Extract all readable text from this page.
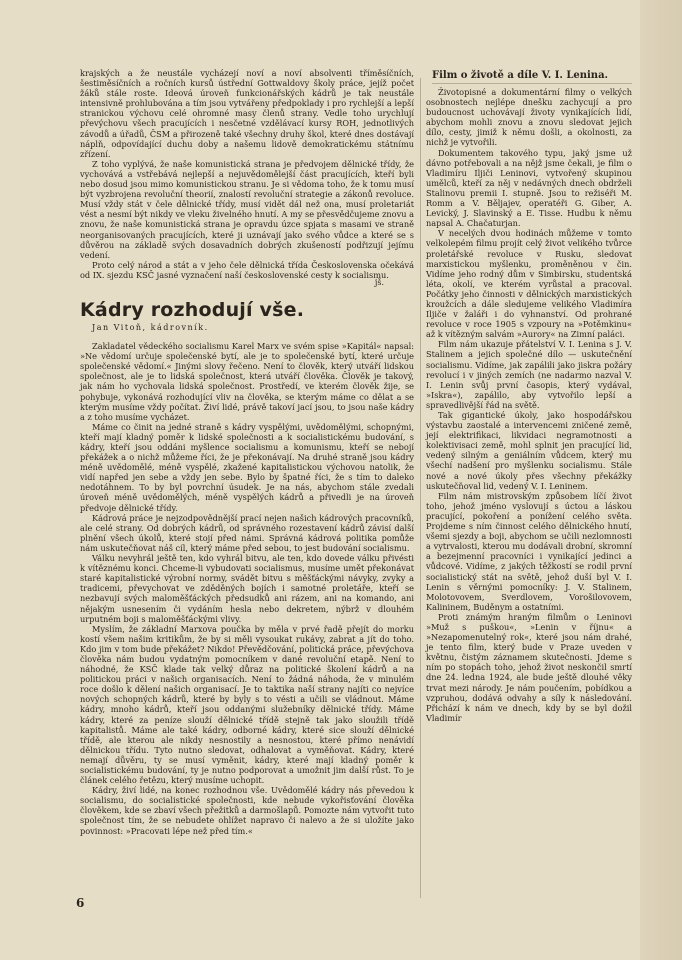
krajských a že neustále vycházejí noví a noví absolventi tříměsíčních, šestiměsíčních a ročních kursů ústřední Gottwaldovy školy práce, jejíž počet žáků stále roste. Ideová úroveň funkcionářských kádrů je tak neustále intensivně prohlubována a tím jsou vytvářeny předpoklady i pro rychlejší a lepší stranickou výchovu celé ohromné masy členů strany. Vedle toho urychlují převýchovu všech pracujících i nesčetné vzdělávací kursy ROH, jednotlivých závodů a úřadů, ČSM a přirozeně také všechny druhy škol, které dnes dostávají náplň, odpovídající duchu doby a našemu lidově demokratickému státnímu zřízení.

Z toho vyplývá, že naše komunistická strana je předvojem dělnické třídy, že vychovává a vstřebává nejlepší a nejuvědomělejší část pracujících, kteří byli nebo dosud jsou mimo komunistickou stranu. Je si vědoma toho, že k tomu musí být vyzbrojena revoluční theorií, znalostí revoluční strategie a zákonů revoluce. Musí vždy stát v čele dělnické třídy, musí vidět dál než ona, musí proletariát vést a nesmí být nikdy ve vleku živelného hnutí. A my se přesvědčujeme znovu a znovu, že naše komunistická strana je opravdu úzce spjata s masami ve straně neorganisovaných pracujících, které ji uznávají jako svého vůdce a které se s důvěrou na základě svých dosavadních dobrých zkušeností podřizují jejímu vedení.

Proto celý národ a stát a v jeho čele dělnická třída Československa očekává od IX. sjezdu KSČ jasné vyznačení naší československé cesty k socialismu.

jš.
Kádry rozhodují vše.

Jan Vitoň, kádrovník.

Zakladatel vědeckého socialismu Karel Marx ve svém spise »Kapitál« napsal: »Ne vědomí určuje společenské bytí, ale je to společenské bytí, které určuje společenské vědomí.« Jinými slovy řečeno. Není to člověk, který utváří lidskou společnost, ale je to lidská společnost, která utváří člověka. Člověk je takový, jak nám ho vychovala lidská společnost. Prostředí, ve kterém člověk žije, se pohybuje, vykonává rozhodující vliv na člověka, se kterým máme co dělat a se kterým musíme vždy počítat. Živí lidé, právě takoví jací jsou, to jsou naše kádry a z toho musíme vycházet.

Máme co činit na jedné straně s kádry vyspělými, uvědomělými, schopnými, kteří mají kladný poměr k lidské společnosti a k socialistickému budování, s kádry, kteří jsou oddáni myšlence socialismu a komunismu, kteří se nebojí překážek a o nichž můžeme říci, že je překonávají. Na druhé straně jsou kádry méně uvědomělé, méně vyspělé, zkažené kapitalistickou výchovou natolik, že vidí napřed jen sebe a vždy jen sebe. Bylo by špatné říci, že s tím to daleko nedotáhnem. To by byl povrchní úsudek. Je na nás, abychom stále zvedali úroveň méně uvědomělých, méně vyspělých kádrů a přivedli je na úroveň předvoje dělnické třídy.

Kádrová práce je nejzodpovědnější prací nejen našich kádrových pracovníků, ale celé strany. Od dobrých kádrů, od správného rozestavení kádrů závisí další plnění všech úkolů, které stojí před námi. Správná kádrová politika pomůže nám uskutečňovat náš cíl, který máme před sebou, to jest budování socialismu.

Válku nevyhrál ještě ten, kdo vyhrál bitvu, ale ten, kdo dovede válku přivésti k vítěznému konci. Chceme-li vybudovati socialismus, musíme umět překonávat staré kapitalistické výrobní normy, svádět bitvu s měšťáckými návyky, zvyky a tradicemi, převychovat ve zděděných bojích i samotné proletáře, kteří se nezbavují svých maloměšťáckých předsudků ani rázem, ani na komando, ani nějakým usnesením či vydáním hesla nebo dekretem, nýbrž v dlouhém urputném boji s maloměšťáckými vlivy.

Myslím, že základní Marxova poučka by měla v prvé řadě přejít do morku kostí všem našim kritikům, že by si měli vysoukat rukávy, zabrat a jít do toho. Kdo jim v tom bude překážet? Nikdo! Převědčování, politická práce, převýchova člověka nám budou vydatným pomocníkem v dané revoluční etapě. Není to náhodné, že KSČ klade tak velký důraz na politické školení kádrů a na politickou práci v našich organisacích. Není to žádná náhoda, že v minulém roce došlo k dělení našich organisací. Je to taktika naší strany najíti co nejvíce nových schopných kádrů, které by byly s to vésti a učili se vládnout. Máme kádry, mnoho kádrů, kteří jsou oddanými služebníky dělnické třídy. Máme kádry, které za peníze slouží dělnické třídě stejně tak jako sloužili třídě kapitalistů. Máme ale také kádry, odborné kádry, které sice slouží dělnické třídě, ale kterou ale nikdy nesnostily a nesnostou, které přímo nenávidí dělnickou třídu. Tyto nutno sledovat, odhalovat a vyměňovat. Kádry, které nemají důvěru, ty se musí vyměnit, kádry, které mají kladný poměr k socialistickému budování, ty je nutno podporovat a umožnit jim další růst. To je článek celého řetězu, který musíme uchopit.

Kádry, živí lidé, na konec rozhodnou vše. Uvědomělé kádry nás převedou k socialismu, do socialistické společnosti, kde nebude vykořisťování člověka člověkem, kde se zbaví všech přežitků a darmošlapů. Pomozte nám vytvořit tuto společnost tím, že se nebudete ohlížet napravo či nalevo a že si uložíte jako povinnost: »Pracovati lépe než před tím.«

Film o životě a díle V. I. Lenina.

Životopisné a dokumentární filmy o velkých osobnostech nejlépe dnešku zachycují a pro budoucnost uchovávají životy vynikajících lidí, abychom mohli znovu a znovu sledovat jejich dílo, cesty, jimiž k němu došli, a okolnosti, za nichž je vytvořili.

Dokumentem takového typu, jaký jsme už dávno potřebovali a na nějž jsme čekali, je film o Vladimíru Iljiči Leninovi, vytvořený skupinou umělců, kteří za něj v nedávných dnech obdrželi Stalinovu premii I. stupně. Jsou to režiséři M. Romm a V. Běljajev, operatéři G. Giber, A. Levický, J. Slavinský a E. Tisse. Hudbu k němu napsal A. Chačaturjan.

V necelých dvou hodinách můžeme v tomto velkolepém filmu projít celý život velikého tvůrce proletářské revoluce v Rusku, sledovat marxistickou myšlenku, proměněnou v čin. Vidíme jeho rodný dům v Simbirsku, studentská léta, okolí, ve kterém vyrůstal a pracoval. Počátky jeho činnosti v dělnických marxistických kroužcích a dále sledujeme velikého Vladimíra Iljiče v žaláři i do vyhnanství. Od prohrané revoluce v roce 1905 s vzpoury na »Potěmkinu« až k vítězným salvám »Aurory« na Zimní paláci.

Film nám ukazuje přátelství V. I. Lenina s J. V. Stalinem a jejich společné dílo — uskutečnění socialismu. Vidíme, jak zapálili jako jiskra požáry revolucí i v jiných zemích (ne nadarmo nazval V. I. Lenin svůj první časopis, který vydával, »Iskra«), zapálilo, aby vytvořilo lepší a spravedlivější řád na světě.

Tak gigantické úkoly, jako hospodářskou výstavbu zaostalé a intervencemi zničené země, její elektrifikaci, likvidaci negramotnosti a kolektivisaci země, mohl splnit jen pracující lid, vedený silným a geniálním vůdcem, který mu všechí nadšení pro myšlenku socialismu. Stále nové a nové úkoly přes všechny překážky uskutečňoval lid, vedený V. I. Leninem.

Film nám mistrovským způsobem líčí život toho, jehož jméno vyslovují s úctou a láskou pracující, pokoření a ponížení celého světa. Projdeme s ním činnost celého dělnického hnutí, všemi sjezdy a boji, abychom se učili nezlomnosti a vytrvalosti, kterou mu dodávali drobní, skromní a bezejmenní pracovníci i vynikající jedinci a vůdcové. Vidíme, z jakých těžkostí se rodil první socialistický stát na světě, jehož duší byl V. I. Lenin s věrnými pomocníky: J. V. Stalinem, Molotovovem, Sverdlovem, Vorošilovovem, Kalininem, Buděnym a ostatními.

Proti známým hraným filmům o Leninovi »Muž s puškou«, »Lenin v říjnu« a »Nezapomenutelný rok«, které jsou nám drahé, je tento film, který bude v Praze uveden v květnu, čistým záznamem skutečnosti. Jdeme s ním po stopách toho, jehož život neskončil smrtí dne 24. ledna 1924, ale bude ještě dlouhé věky trvat mezi národy. Je nám poučením, pobídkou a vzpruhou, dodává odvahy a síly k následování. Přichází k nám ve dnech, kdy by se byl dožil Vladimír

6
